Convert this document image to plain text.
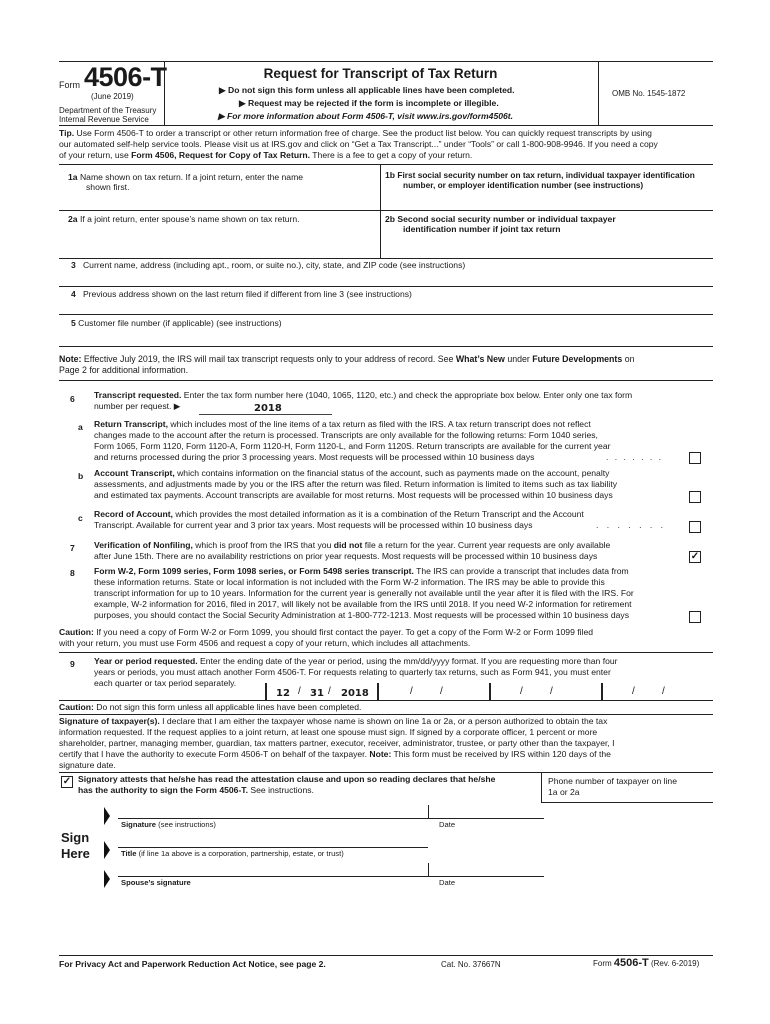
Form 4506-T
(June 2019)
Department of the Treasury
Internal Revenue Service
Request for Transcript of Tax Return
▶ Do not sign this form unless all applicable lines have been completed.
▶ Request may be rejected if the form is incomplete or illegible.
▶ For more information about Form 4506-T, visit www.irs.gov/form4506t.
OMB No. 1545-1872
Tip. Use Form 4506-T to order a transcript or other return information free of charge. See the product list below. You can quickly request transcripts by using
our automated self-help service tools. Please visit us at IRS.gov and click on “Get a Tax Transcript...” under “Tools” or call 1-800-908-9946. If you need a copy
of your return, use Form 4506, Request for Copy of Tax Return. There is a fee to get a copy of your return.
1a Name shown on tax return. If a joint return, enter the name
shown first.
1b First social security number on tax return, individual taxpayer identification
number, or employer identification number (see instructions)
2a If a joint return, enter spouse’s name shown on tax return.	2b Second social security number or individual taxpayer
identification number if joint tax return
3 Current name, address (including apt., room, or suite no.), city, state, and ZIP code (see instructions)
4 Previous address shown on the last return filed if different from line 3 (see instructions)
5 Customer file number (if applicable) (see instructions)
Note: Effective July 2019, the IRS will mail tax transcript requests only to your address of record. See What’s New under Future Developments on
Page 2 for additional information.
6 Transcript requested. Enter the tax form number here (1040, 1065, 1120, etc.) and check the appropriate box below. Enter only one tax form
number per request. ▶	2018
a Return Transcript, which includes most of the line items of a tax return as filed with the IRS. A tax return transcript does not reflect
changes made to the account after the return is processed. Transcripts are only available for the following returns: Form 1040 series,
Form 1065, Form 1120, Form 1120-A, Form 1120-H, Form 1120-L, and Form 1120S. Return transcripts are available for the current year
and returns processed during the prior 3 processing years. Most requests will be processed within 10 business days	. . . . . . .
b Account Transcript, which contains information on the financial status of the account, such as payments made on the account, penalty
assessments, and adjustments made by you or the IRS after the return was filed. Return information is limited to items such as tax liability
and estimated tax payments. Account transcripts are available for most returns. Most requests will be processed within 10 business days
c Record of Account, which provides the most detailed information as it is a combination of the Return Transcript and the Account
Transcript. Available for current year and 3 prior tax years. Most requests will be processed within 10 business days	. . . . . . .
7 Verification of Nonfiling, which is proof from the IRS that you did not file a return for the year. Current year requests are only available
after June 15th. There are no availability restrictions on prior year requests. Most requests will be processed within 10 business days	✓
8 Form W-2, Form 1099 series, Form 1098 series, or Form 5498 series transcript. The IRS can provide a transcript that includes data from
these information returns. State or local information is not included with the Form W-2 information. The IRS may be able to provide this
transcript information for up to 10 years. Information for the current year is generally not available until the year after it is filed with the IRS. For
example, W-2 information for 2016, filed in 2017, will likely not be available from the IRS until 2018. If you need W-2 information for retirement
purposes, you should contact the Social Security Administration at 1-800-772-1213. Most requests will be processed within 10 business days
Caution: If you need a copy of Form W-2 or Form 1099, you should first contact the payer. To get a copy of the Form W-2 or Form 1099 filed
with your return, you must use Form 4506 and request a copy of your return, which includes all attachments.
9 Year or period requested. Enter the ending date of the year or period, using the mm/dd/yyyy format. If you are requesting more than four
years or periods, you must attach another Form 4506-T. For requests relating to quarterly tax returns, such as Form 941, you must enter
each quarter or tax period separately.
12 / 31 / 2018	/	/	/	/	/	/
Caution: Do not sign this form unless all applicable lines have been completed.
Signature of taxpayer(s). I declare that I am either the taxpayer whose name is shown on line 1a or 2a, or a person authorized to obtain the tax
information requested. If the request applies to a joint return, at least one spouse must sign. If signed by a corporate officer, 1 percent or more
shareholder, partner, managing member, guardian, tax matters partner, executor, receiver, administrator, trustee, or party other than the taxpayer, I
certify that I have the authority to execute Form 4506-T on behalf of the taxpayer. Note: This form must be received by IRS within 120 days of the
signature date.
✓ Signatory attests that he/she has read the attestation clause and upon so reading declares that he/she
has the authority to sign the Form 4506-T. See instructions.
Phone number of taxpayer on line
1a or 2a
Sign
Here
Signature (see instructions)	Date
Title (if line 1a above is a corporation, partnership, estate, or trust)
Spouse’s signature	Date
For Privacy Act and Paperwork Reduction Act Notice, see page 2.	Cat. No. 37667N	Form 4506-T (Rev. 6-2019)
